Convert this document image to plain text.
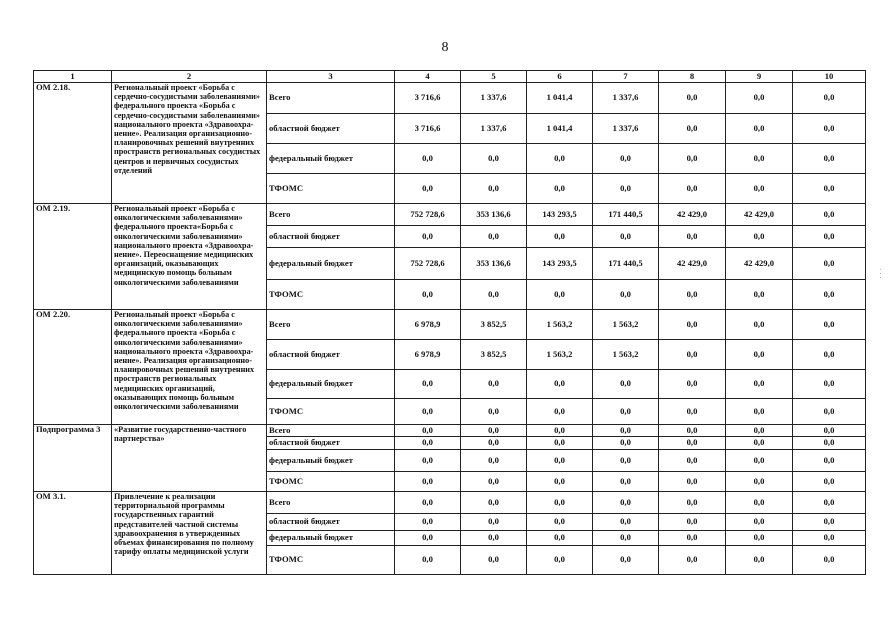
8
1	2	3	4	5	6	7	8	9	10
ОМ 2.18.	Региональный проект «Борьба с сердечно-сосудистыми заболеваниями» федерального проекта «Борьба с сердечно-сосудистыми заболеваниями» национального проекта «Здравоохра-нение». Реализация организационно-планировочных решений внутренних пространств региональных сосудистых центров и первичных сосудистых отделений	Всего	3 716,6	1 337,6	1 041,4	1 337,6	0,0	0,0	0,0
		областной бюджет	3 716,6	1 337,6	1 041,4	1 337,6	0,0	0,0	0,0
		федеральный бюджет	0,0	0,0	0,0	0,0	0,0	0,0	0,0
		ТФОМС	0,0	0,0	0,0	0,0	0,0	0,0	0,0
ОМ 2.19.	Региональный проект «Борьба с онкологическими заболеваниями» федерального проекта«Борьба с онкологическими заболеваниями» национального проекта «Здравоохра-нение». Переоснащение медицинских организаций, оказывающих медицинскую помощь больным онкологическими заболеваниями	Всего	752 728,6	353 136,6	143 293,5	171 440,5	42 429,0	42 429,0	0,0
		областной бюджет	0,0	0,0	0,0	0,0	0,0	0,0	0,0
		федеральный бюджет	752 728,6	353 136,6	143 293,5	171 440,5	42 429,0	42 429,0	0,0
		ТФОМС	0,0	0,0	0,0	0,0	0,0	0,0	0,0
ОМ 2.20.	Региональный проект «Борьба с онкологическими заболеваниями» федерального проекта «Борьба с онкологическими заболеваниями» национального проекта «Здравоохра-нение». Реализация организационно-планировочных решений внутренних пространств региональных медицинских организаций, оказывающих помощь больным онкологическими заболеваниями	Всего	6 978,9	3 852,5	1 563,2	1 563,2	0,0	0,0	0,0
		областной бюджет	6 978,9	3 852,5	1 563,2	1 563,2	0,0	0,0	0,0
		федеральный бюджет	0,0	0,0	0,0	0,0	0,0	0,0	0,0
		ТФОМС	0,0	0,0	0,0	0,0	0,0	0,0	0,0
Подпрограмма 3	«Развитие государственно-частного партнерства»	Всего	0,0	0,0	0,0	0,0	0,0	0,0	0,0
		областной бюджет	0,0	0,0	0,0	0,0	0,0	0,0	0,0
		федеральный бюджет	0,0	0,0	0,0	0,0	0,0	0,0	0,0
		ТФОМС	0,0	0,0	0,0	0,0	0,0	0,0	0,0
ОМ 3.1.	Привлечение к реализации территориальной программы государственных гарантий представителей частной системы здравоохранения в утвержденных объемах финансирования по полному тарифу оплаты медицинской услуги	Всего	0,0	0,0	0,0	0,0	0,0	0,0	0,0
		областной бюджет	0,0	0,0	0,0	0,0	0,0	0,0	0,0
		федеральный бюджет	0,0	0,0	0,0	0,0	0,0	0,0	0,0
		ТФОМС	0,0	0,0	0,0	0,0	0,0	0,0	0,0
· · ·
